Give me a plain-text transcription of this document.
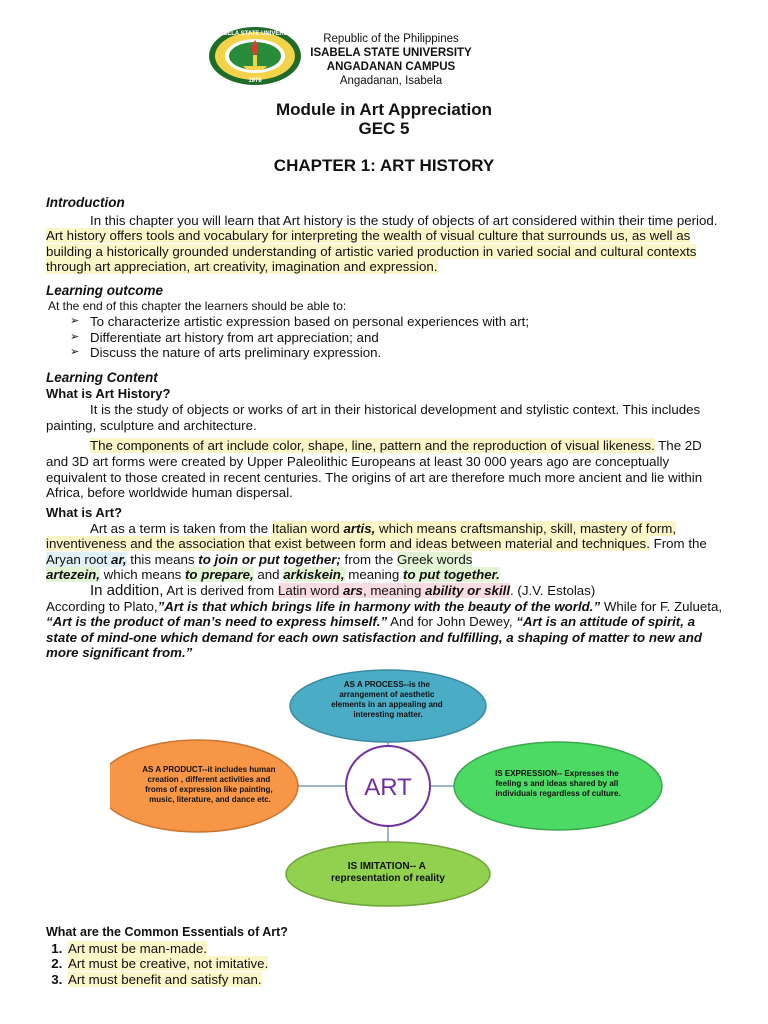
ISABELA STATE UNIVERSITY
1978
Republic of the Philippines
ISABELA STATE UNIVERSITY
ANGADANAN CAMPUS
Angadanan, Isabela
Module in Art Appreciation
GEC 5
CHAPTER 1: ART HISTORY
Introduction
In this chapter you will learn that Art history is the study of objects of art considered within their time period. Art history offers tools and vocabulary for interpreting the wealth of visual culture that surrounds us, as well as building a historically grounded understanding of artistic varied production in varied social and cultural contexts through art appreciation, art creativity, imagination and expression.
Learning outcome
At the end of this chapter the learners should be able to:
➢ To characterize artistic expression based on personal experiences with art;
➢ Differentiate art history from art appreciation; and
➢ Discuss the nature of arts preliminary expression.
Learning Content
What is Art History?
It is the study of objects or works of art in their historical development and stylistic context. This includes painting, sculpture and architecture.
The components of art include color, shape, line, pattern and the reproduction of visual likeness. The 2D and 3D art forms were created by Upper Paleolithic Europeans at least 30 000 years ago are conceptually equivalent to those created in recent centuries. The origins of art are therefore much more ancient and lie within Africa, before worldwide human dispersal.
What is Art?
Art as a term is taken from the Italian word artis, which means craftsmanship, skill, mastery of form, inventiveness and the association that exist between form and ideas between material and techniques. From the Aryan root ar, this means to join or put together; from the Greek words
artezein, which means to prepare, and arkiskein, meaning to put together.
In addition, Art is derived from Latin word ars, meaning ability or skill. (J.V. Estolas)
According to Plato,”Art is that which brings life in harmony with the beauty of the world.” While for F. Zulueta, “Art is the product of man’s need to express himself.” And for John Dewey, “Art is an attitude of spirit, a state of mind-one which demand for each own satisfaction and fulfilling, a shaping of matter to new and more significant from.”
AS A PROCESS--is the arrangement of aesthetic elements in an appealing and interesting matter.
AS A PRODUCT--it includes human creation , different activities and froms of expression like painting, music, literature, and dance etc.
IS EXPRESSION-- Expresses the feeling s and ideas shared by all individuals regardless of culture.
IS IMITATION-- A representation of reality
ART
What are the Common Essentials of Art?
1. Art must be man-made.
2. Art must be creative, not imitative.
3. Art must benefit and satisfy man.
